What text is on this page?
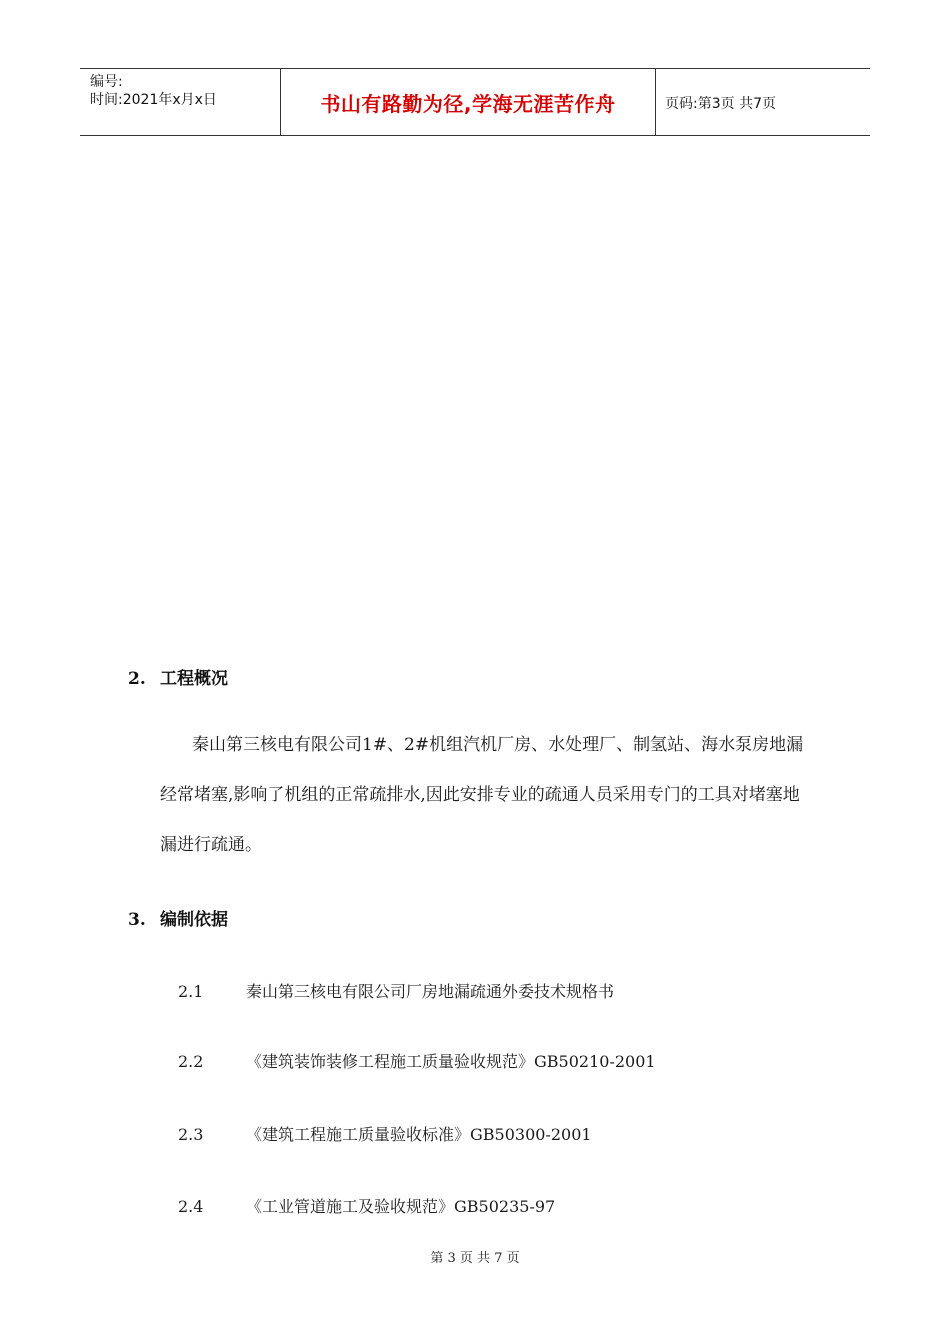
编号:
时间:2021年x月x日	书山有路勤为径,学海无涯苦作舟	页码:第3页 共7页
2. 工程概况
秦山第三核电有限公司1#、2#机组汽机厂房、水处理厂、制氢站、海水泵房地漏经常堵塞,影响了机组的正常疏排水,因此安排专业的疏通人员采用专门的工具对堵塞地漏进行疏通。
3. 编制依据
2.1	秦山第三核电有限公司厂房地漏疏通外委技术规格书
2.2	《建筑装饰装修工程施工质量验收规范》GB50210-2001
2.3	《建筑工程施工质量验收标准》GB50300-2001
2.4	《工业管道施工及验收规范》GB50235-97
第 3 页 共 7 页
